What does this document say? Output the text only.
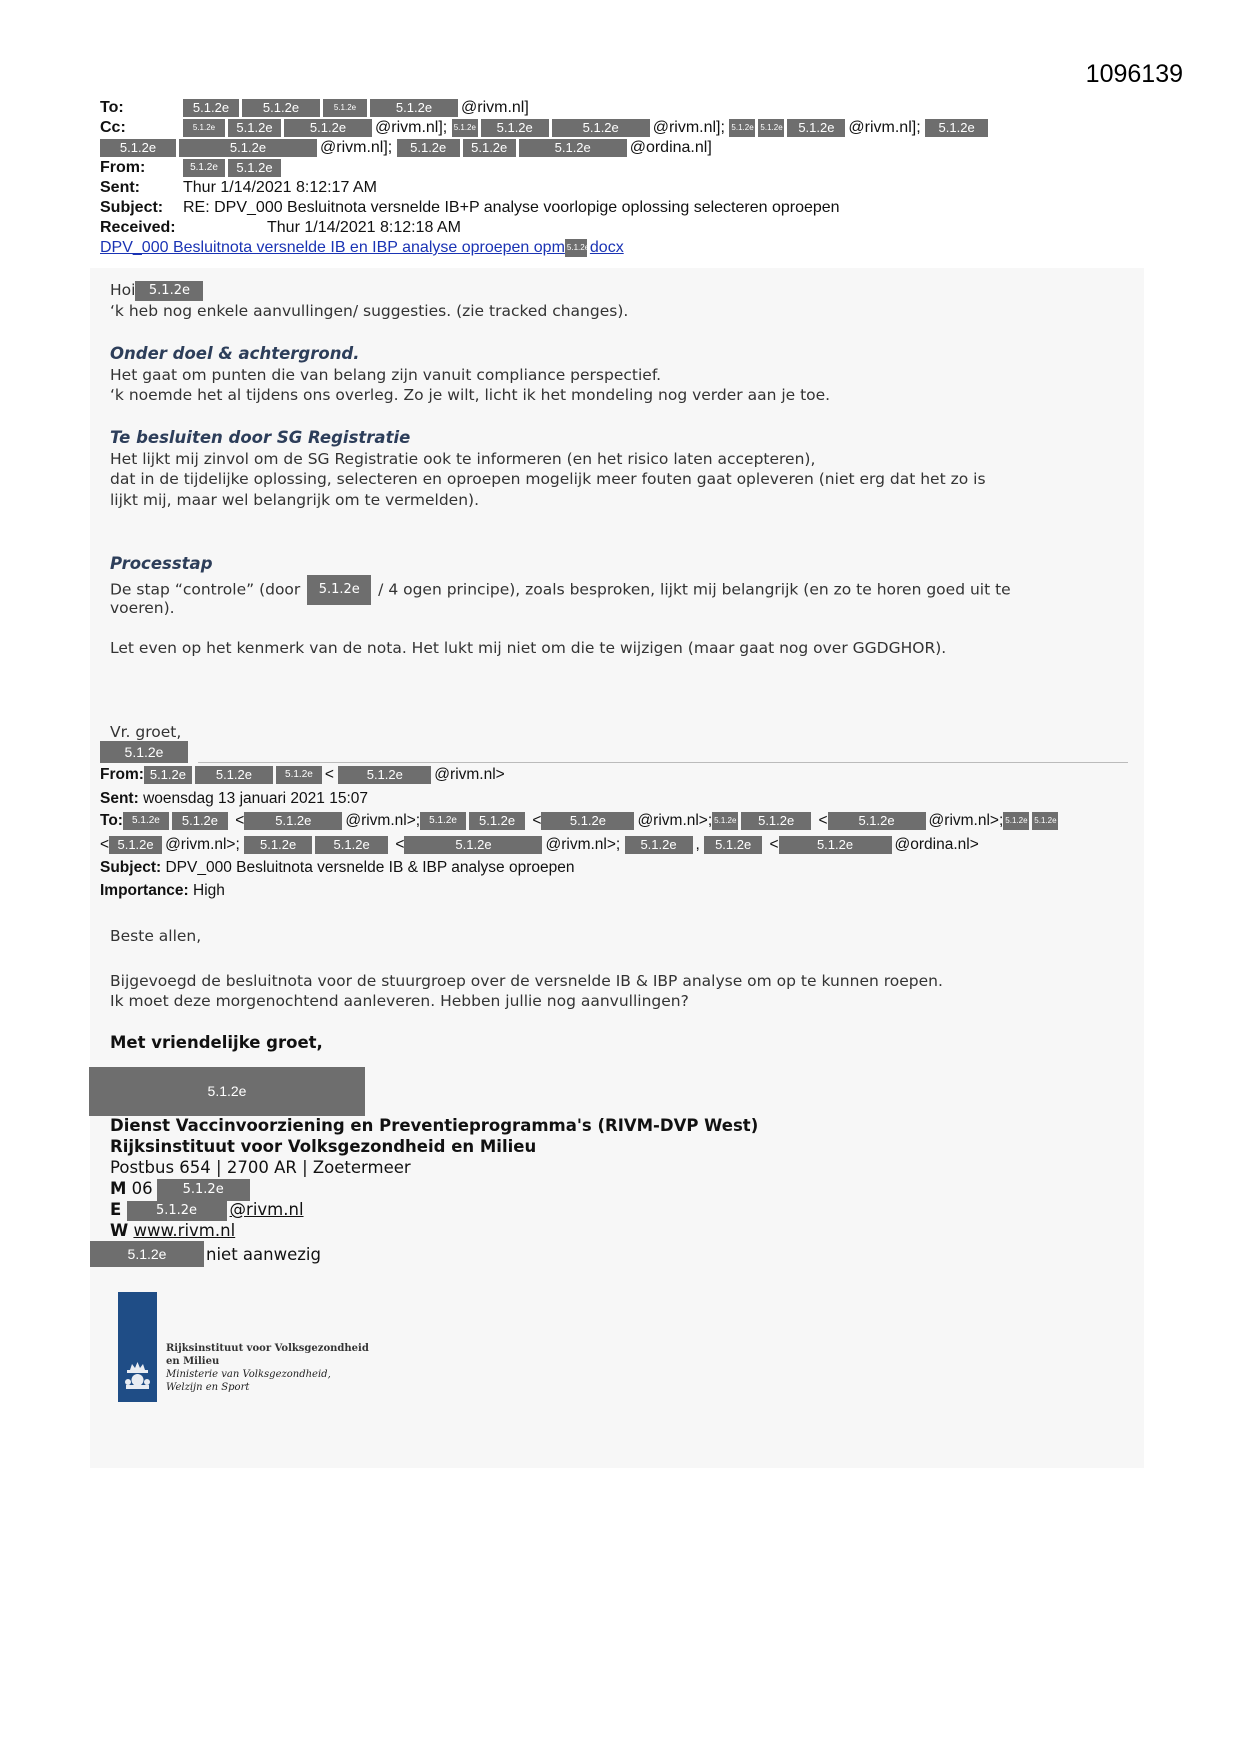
1096139
To:	5.1.2e	5.1.2e	5.1.2e	5.1.2e @rivm.nl]
Cc:	5.1.2e 5.1.2e	5.1.2e @rivm.nl]; 5.1.2e 5.1.2e	5.1.2e @rivm.nl]; 5.1.2e 5.1.2e 5.1.2e @rivm.nl]; 5.1.2e
5.1.2e	5.1.2e	@rivm.nl]; 5.1.2e 5.1.2e	5.1.2e @ordina.nl]
From:	5.1.2e 5.1.2e
Sent:	Thur 1/14/2021 8:12:17 AM
Subject: RE: DPV_000 Besluitnota versnelde IB+P analyse voorlopige oplossing selecteren oproepen
Received:	Thur 1/14/2021 8:12:18 AM
DPV_000 Besluitnota versnelde IB en IBP analyse oproepen opm 5.1.2edocx
Hoi 5.1.2e
‘k heb nog enkele aanvullingen/ suggesties. (zie tracked changes).
Onder doel & achtergrond.
Het gaat om punten die van belang zijn vanuit compliance perspectief.
‘k noemde het al tijdens ons overleg. Zo je wilt, licht ik het mondeling nog verder aan je toe.
Te besluiten door SG Registratie
Het lijkt mij zinvol om de SG Registratie ook te informeren (en het risico laten accepteren),
dat in de tijdelijke oplossing, selecteren en oproepen mogelijk meer fouten gaat opleveren (niet erg dat het zo is
lijkt mij, maar wel belangrijk om te vermelden).
Processtap
De stap “controle” (door 5.1.2e / 4 ogen principe), zoals besproken, lijkt mij belangrijk (en zo te horen goed uit te
voeren).
Let even op het kenmerk van de nota. Het lukt mij niet om die te wijzigen (maar gaat nog over GGDGHOR).
Vr. groet,
5.1.2e
From: 5.1.2e 5.1.2e	5.1.2e <	5.1.2e @rivm.nl>
Sent: woensdag 13 januari 2021 15:07
To: 5.1.2e 5.1.2e < 5.1.2e @rivm.nl>; 5.1.2e 5.1.2e < 5.1.2e @rivm.nl>; 5.1.2e 5.1.2e < 5.1.2e @rivm.nl>; 5.1.2e 5.1.2e
< 5.1.2e @rivm.nl>; 5.1.2e	5.1.2e <	5.1.2e	@rivm.nl>; 5.1.2e , 5.1.2e <	5.1.2e	@ordina.nl>
Subject: DPV_000 Besluitnota versnelde IB & IBP analyse oproepen
Importance: High
Beste allen,
Bijgevoegd de besluitnota voor de stuurgroep over de versnelde IB & IBP analyse om op te kunnen roepen.
Ik moet deze morgenochtend aanleveren. Hebben jullie nog aanvullingen?
Met vriendelijke groet,
5.1.2e
Dienst Vaccinvoorziening en Preventieprogramma's (RIVM-DVP West)
Rijksinstituut voor Volksgezondheid en Milieu
Postbus 654 | 2700 AR | Zoetermeer
M 06 5.1.2e
E	5.1.2e @rivm.nl
W www.rivm.nl
5.1.2e	niet aanwezig
Rijksinstituut voor Volksgezondheid
en Milieu
Ministerie van Volksgezondheid,
Welzijn en Sport
